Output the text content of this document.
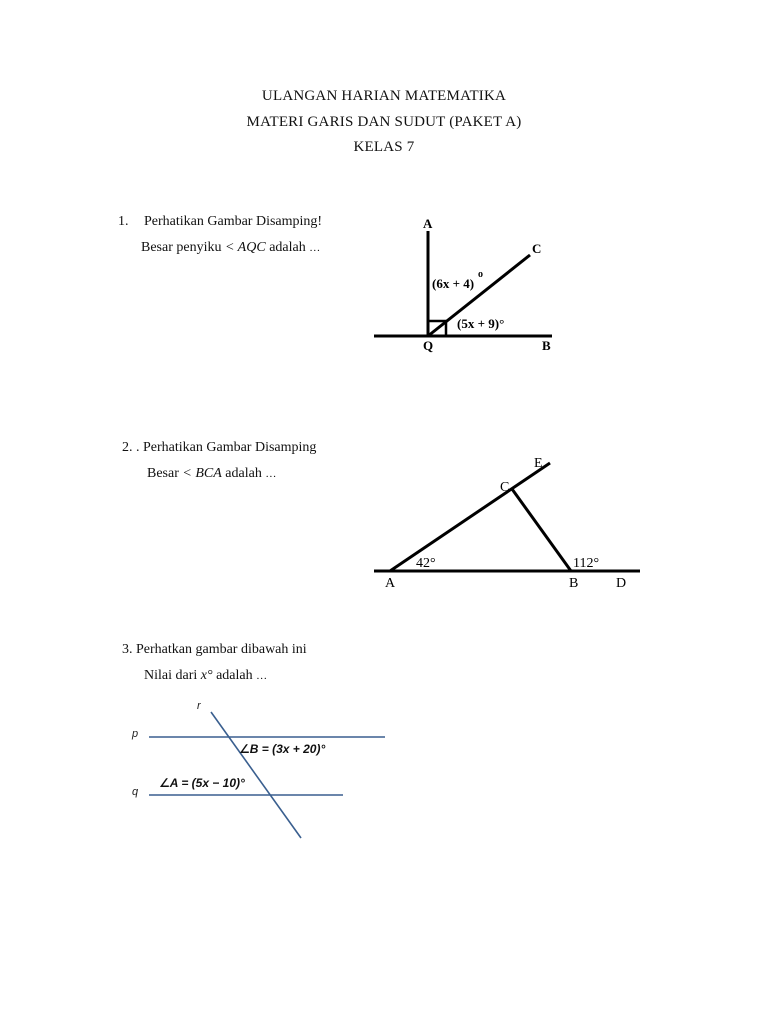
ULANGAN HARIAN MATEMATIKA
MATERI GARIS DAN SUDUT (PAKET A)
KELAS 7
1. Perhatikan Gambar Disamping!
Besar penyiku < AQC adalah …
A
C
Q	B
(6x + 4)
o
(5x + 9)°
2. . Perhatikan Gambar Disamping
Besar < BCA adalah …
E
C
A	B	D
42°	112°
3. Perhatkan gambar dibawah ini
Nilai dari x° adalah …
r
p
q
∠B = (3x + 20)°
∠A = (5x − 10)°
